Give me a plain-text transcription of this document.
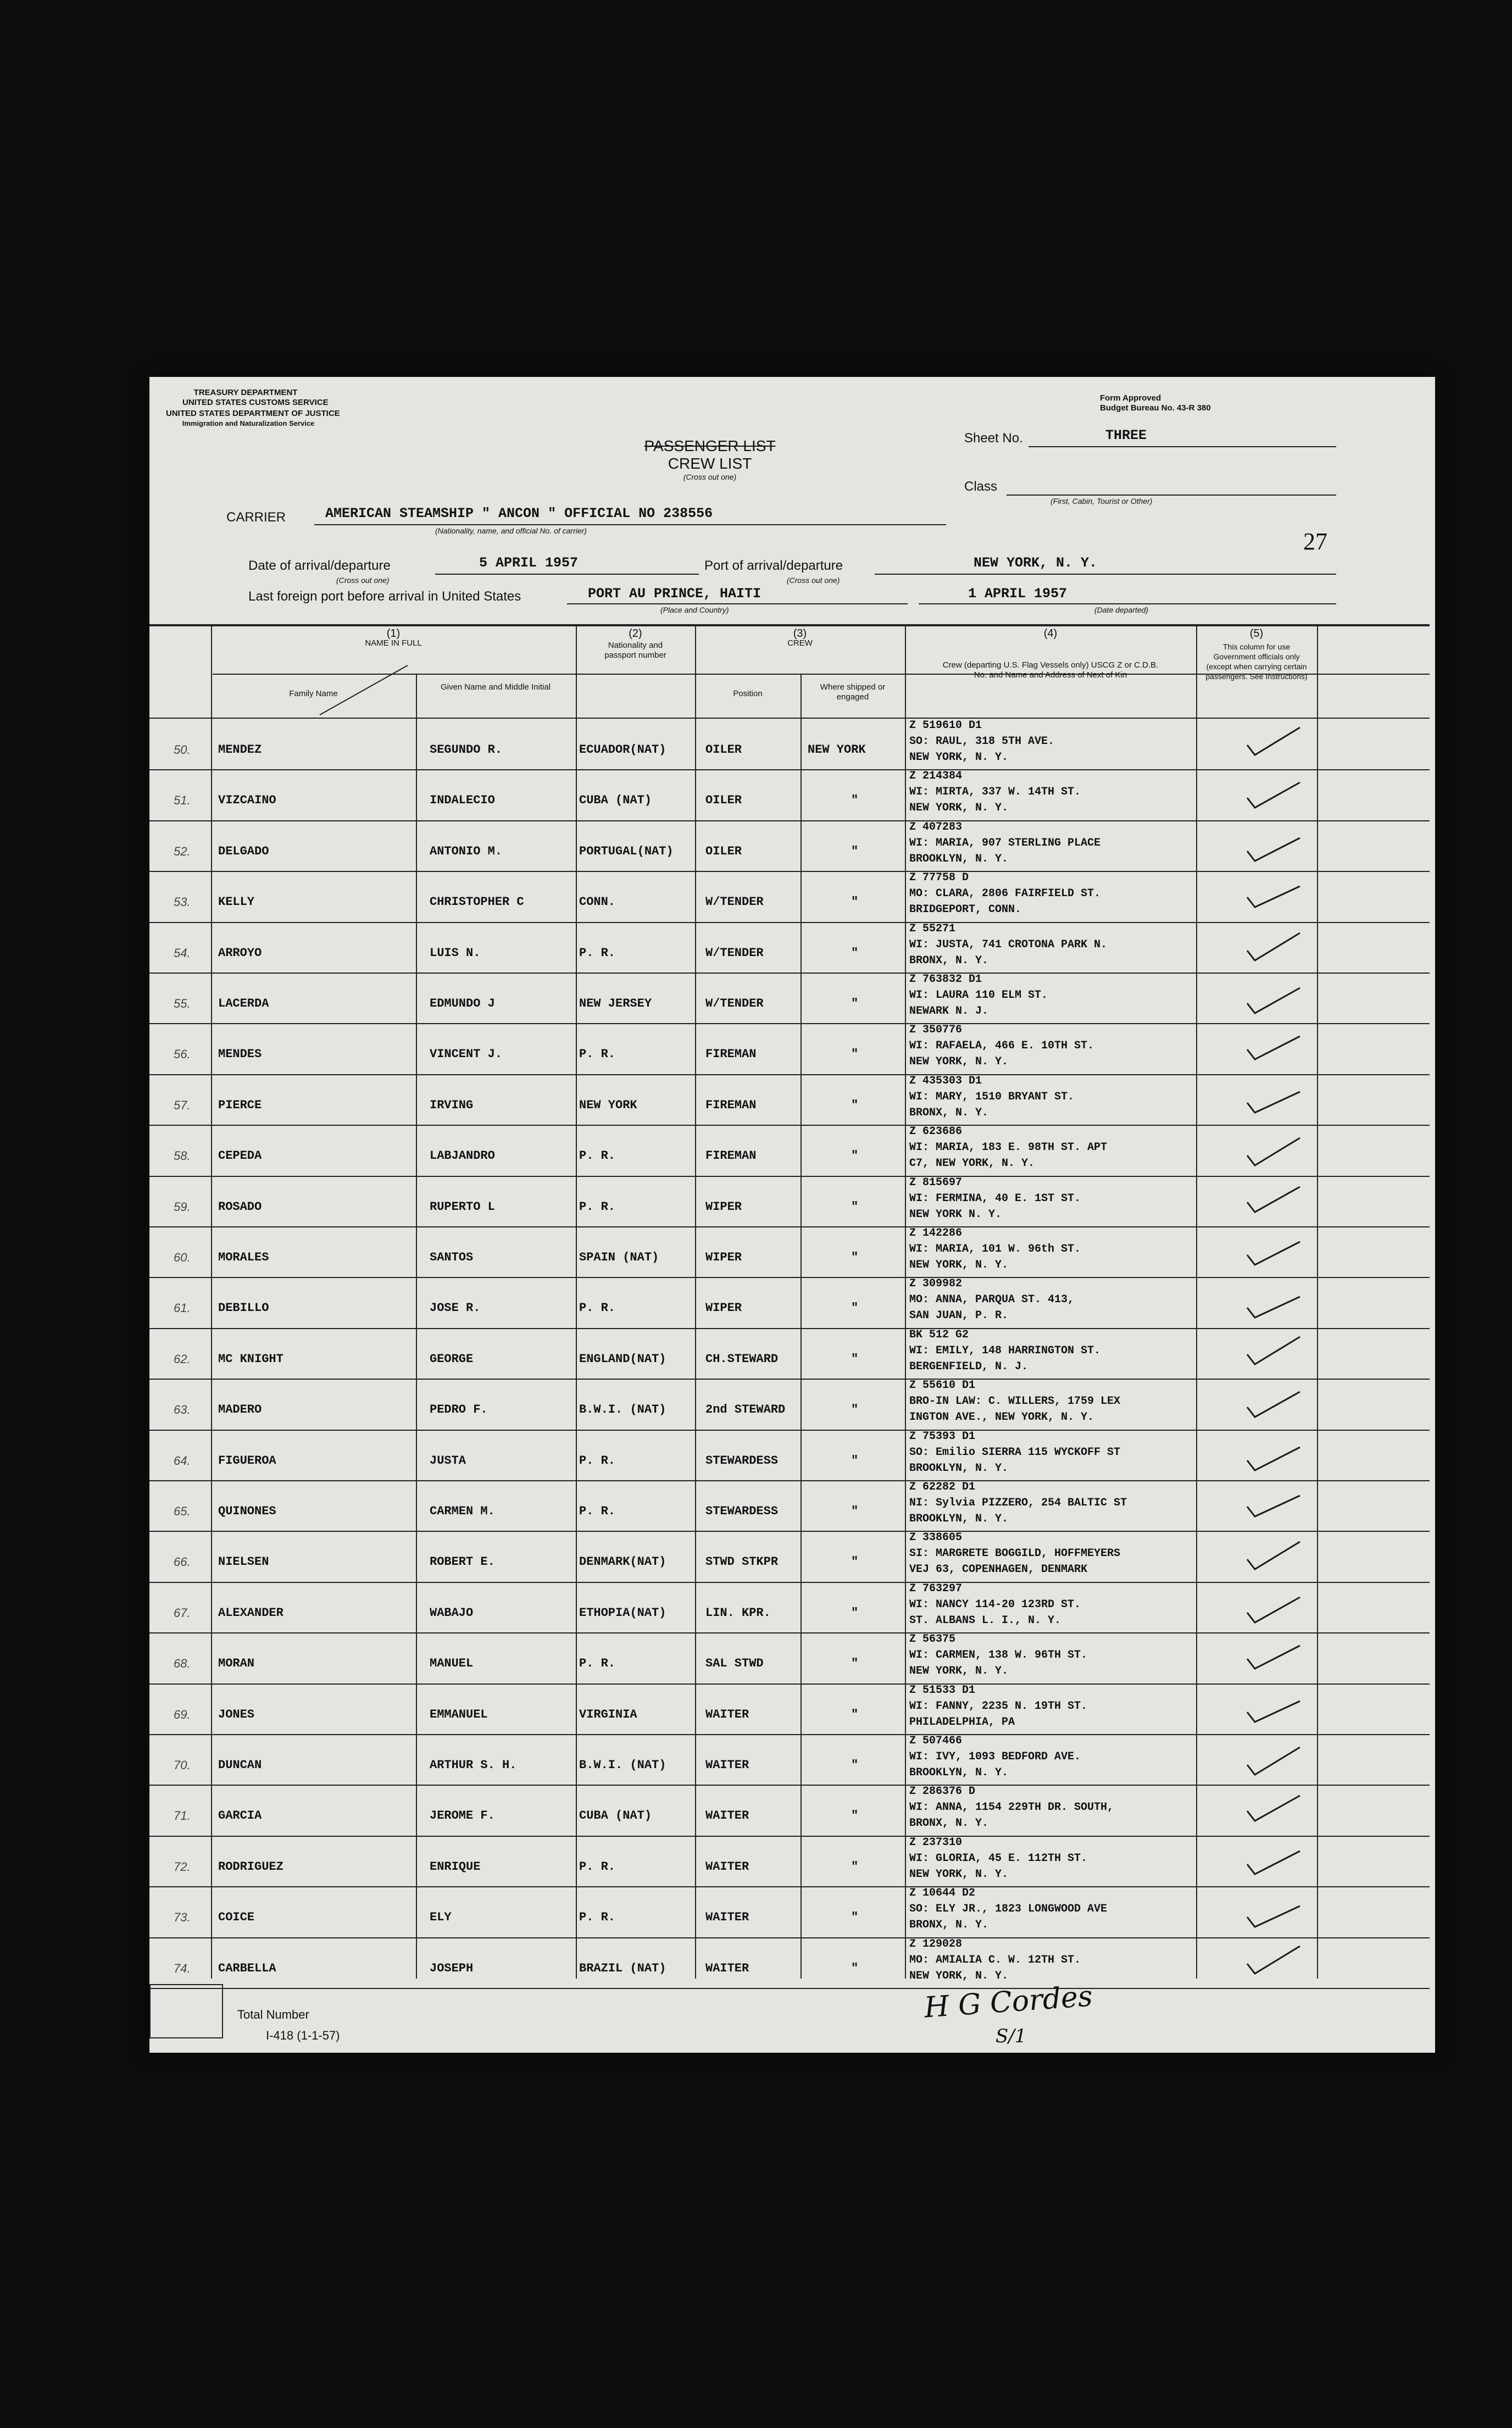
TREASURY DEPARTMENT
UNITED STATES CUSTOMS SERVICE
UNITED STATES DEPARTMENT OF JUSTICE
Immigration and Naturalization Service
Form Approved
Budget Bureau No. 43-R 380
PASSENGER LIST
CREW LIST
(Cross out one)
Sheet No.	THREE
Class
(First, Cabin, Tourist or Other)
CARRIER	AMERICAN STEAMSHIP " ANCON " OFFICIAL NO 238556
(Nationality, name, and official No. of carrier)	27
Date of arrival/departure	5 APRIL 1957
(Cross out one)
Port of arrival/departure	NEW YORK, N. Y.
(Cross out one)
Last foreign port before arrival in United States	PORT AU PRINCE, HAITI
(Place and Country)
1 APRIL 1957
(Date departed)
(1)
NAME IN FULL
Family Name
Given Name and Middle Initial
(2)
Nationality and passport number
(3)
CREW
Position
Where shipped or engaged
(4)
Crew (departing U.S. Flag Vessels only) USCG Z or C.D.B. No. and Name and Address of Next of Kin
(5)
This column for use Government officials only (except when carrying certain passengers. See Instructions)
50. MENDEZ	SEGUNDO R.	ECUADOR(NAT)	OILER	NEW YORK
Z 519610 D1
SO: RAUL, 318 5TH AVE.
NEW YORK, N. Y.
51. VIZCAINO	INDALECIO	CUBA (NAT)	OILER	"
Z 214384
WI: MIRTA, 337 W. 14TH ST.
NEW YORK, N. Y.
52. DELGADO	ANTONIO M.	PORTUGAL(NAT)	OILER	"
Z 407283
WI: MARIA, 907 STERLING PLACE
BROOKLYN, N. Y.
53. KELLY	CHRISTOPHER C	CONN.	W/TENDER	"
Z 77758 D
MO: CLARA, 2806 FAIRFIELD ST.
BRIDGEPORT, CONN.
54. ARROYO	LUIS N.	P. R.	W/TENDER	"
Z 55271
WI: JUSTA, 741 CROTONA PARK N.
BRONX, N. Y.
55. LACERDA	EDMUNDO J	NEW JERSEY	W/TENDER	"
Z 763832 D1
WI: LAURA 110 ELM ST.
NEWARK N. J.
56. MENDES	VINCENT J.	P. R.	FIREMAN	"
Z 350776
WI: RAFAELA, 466 E. 10TH ST.
NEW YORK, N. Y.
57. PIERCE	IRVING	NEW YORK	FIREMAN	"
Z 435303 D1
WI: MARY, 1510 BRYANT ST.
BRONX, N. Y.
58. CEPEDA	LABJANDRO	P. R.	FIREMAN	"
Z 623686
WI: MARIA, 183 E. 98TH ST. APT
C7, NEW YORK, N. Y.
59. ROSADO	RUPERTO L	P. R.	WIPER	"
Z 815697
WI: FERMINA, 40 E. 1ST ST.
NEW YORK N. Y.
60. MORALES	SANTOS	SPAIN (NAT)	WIPER	"
Z 142286
WI: MARIA, 101 W. 96th ST.
NEW YORK, N. Y.
61. DEBILLO	JOSE R.	P. R.	WIPER	"
Z 309982
MO: ANNA, PARQUA ST. 413,
SAN JUAN, P. R.
62. MC KNIGHT	GEORGE	ENGLAND(NAT)	CH.STEWARD	"
BK 512 G2
WI: EMILY, 148 HARRINGTON ST.
BERGENFIELD, N. J.
63. MADERO	PEDRO F.	B.W.I. (NAT)	2nd STEWARD	"
Z 55610 D1
BRO-IN LAW: C. WILLERS, 1759 LEX
INGTON AVE., NEW YORK, N. Y.
64. FIGUEROA	JUSTA	P. R.	STEWARDESS	"
Z 75393 D1
SO: Emilio SIERRA 115 WYCKOFF ST
BROOKLYN, N. Y.
65. QUINONES	CARMEN M.	P. R.	STEWARDESS	"
Z 62282 D1
NI: Sylvia PIZZERO, 254 BALTIC ST
BROOKLYN, N. Y.
66. NIELSEN	ROBERT E.	DENMARK(NAT)	STWD STKPR	"
Z 338605
SI: MARGRETE BOGGILD, HOFFMEYERS
VEJ 63, COPENHAGEN, DENMARK
67. ALEXANDER	WABAJO	ETHOPIA(NAT)	LIN. KPR.	"
Z 763297
WI: NANCY 114-20 123RD ST.
ST. ALBANS L. I., N. Y.
68. MORAN	MANUEL	P. R.	SAL STWD	"
Z 56375
WI: CARMEN, 138 W. 96TH ST.
NEW YORK, N. Y.
69. JONES	EMMANUEL	VIRGINIA	WAITER	"
Z 51533 D1
WI: FANNY, 2235 N. 19TH ST.
PHILADELPHIA, PA
70. DUNCAN	ARTHUR S. H.	B.W.I. (NAT)	WAITER	"
Z 507466
WI: IVY, 1093 BEDFORD AVE.
BROOKLYN, N. Y.
71. GARCIA	JEROME F.	CUBA (NAT)	WAITER	"
Z 286376 D
WI: ANNA, 1154 229TH DR. SOUTH,
BRONX, N. Y.
72. RODRIGUEZ	ENRIQUE	P. R.	WAITER	"
Z 237310
WI: GLORIA, 45 E. 112TH ST.
NEW YORK, N. Y.
73. COICE	ELY	P. R.	WAITER	"
Z 10644 D2
SO: ELY JR., 1823 LONGWOOD AVE
BRONX, N. Y.
74. CARBELLA	JOSEPH	BRAZIL (NAT)	WAITER	"
Z 129028
MO: AMIALIA C. W. 12TH ST.
NEW YORK, N. Y.
Total Number
I-418 (1-1-57)
H G Cordes
S/1
